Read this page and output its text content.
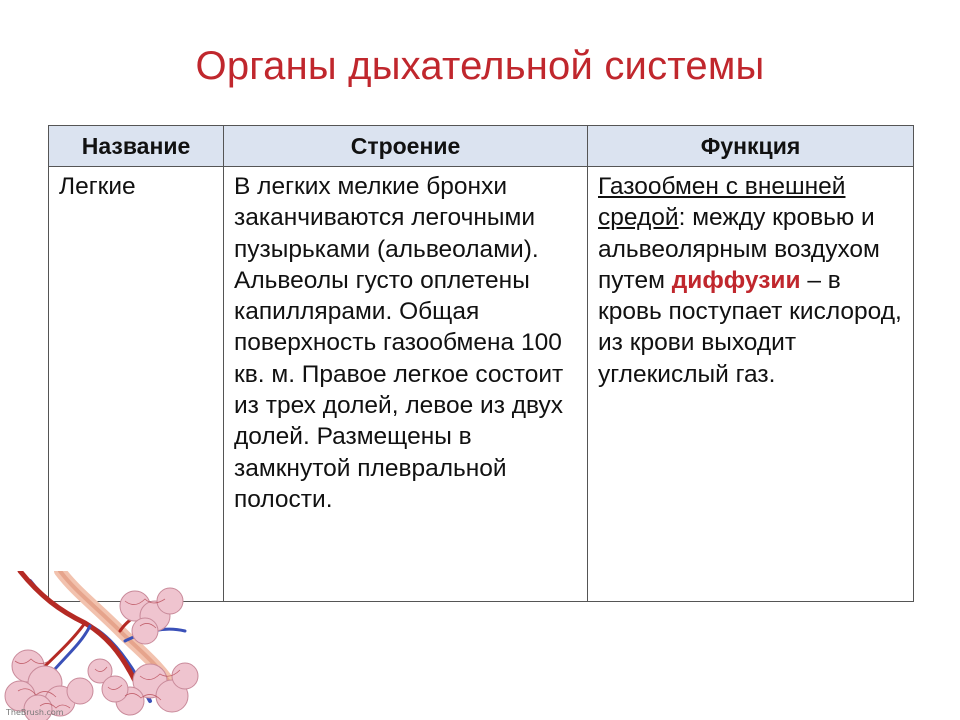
Органы дыхательной системы
Название	Строение	Функция
Легкие	В легких мелкие бронхи заканчиваются легочными пузырьками (альвеолами). Альвеолы густо оплетены капиллярами. Общая поверхность газообмена 100 кв. м. Правое легкое состоит из трех долей, левое из двух долей. Размещены в замкнутой плевральной полости.	Газообмен с внешней средой: между кровью и альвеолярным воздухом путем диффузии – в кровь поступает кислород, из крови выходит углекислый газ.
TheBrush.com
